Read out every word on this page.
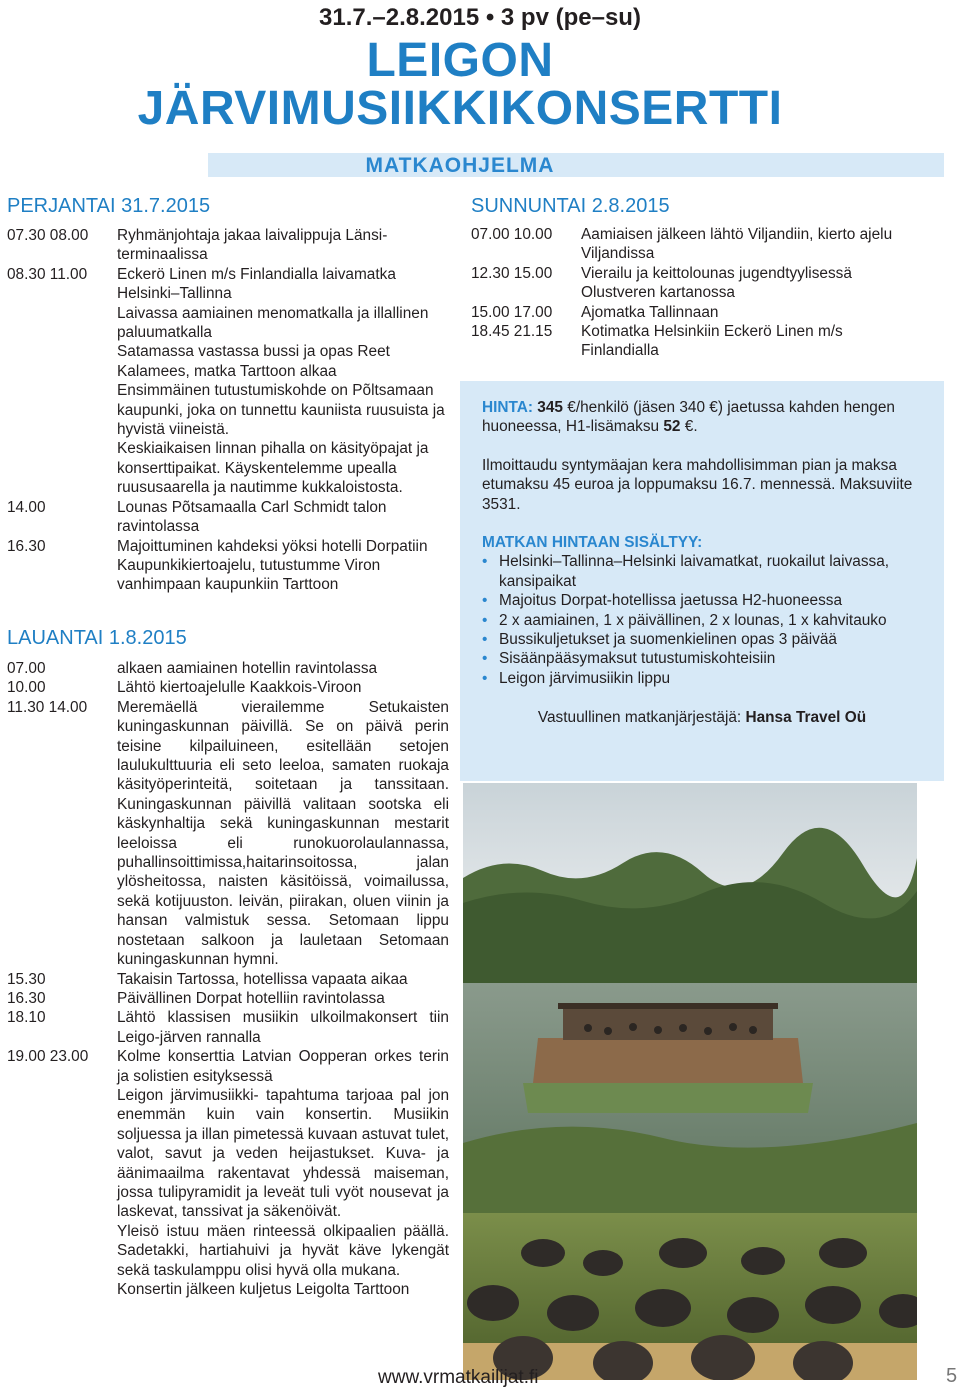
31.7.–2.8.2015 • 3 pv (pe–su)
LEIGON
JÄRVIMUSIIKKIKONSERTTI
MATKAOHJELMA
PERJANTAI 31.7.2015
07.30 08.00	Ryhmänjohtaja jakaa laivalippuja Länsi-terminaalissa
08.30 11.00	Eckerö Linen m/s Finlandialla laivamatka Helsinki–Tallinna
Laivassa aamiainen menomatkalla ja illallinen paluumatkalla
Satamassa vastassa bussi ja opas Reet Kalamees, matka Tarttoon alkaa
Ensimmäinen tutustumiskohde on Põltsamaan kaupunki, joka on tunnettu kauniista ruusuista ja hyvistä viineistä.
Keskiaikaisen linnan pihalla on käsityöpajat ja konserttipaikat. Käyskentelemme upealla ruususaarella ja nautimme kukkaloistosta.
14.00	Lounas Põtsamaalla Carl Schmidt talon ravintolassa
16.30	Majoittuminen kahdeksi yöksi hotelli Dorpatiin
Kaupunkikiertoajelu, tutustumme Viron vanhimpaan kaupunkiin Tarttoon
LAUANTAI 1.8.2015
07.00	alkaen aamiainen hotellin ravintolassa
10.00	Lähtö kiertoajelulle Kaakkois-Viroon
11.30 14.00	Meremäellä vierailemme Setukaisten kuningaskunnan päivillä. Se on päivä perin teisine kilpailuineen, esitellään setojen laulukulttuuria eli seto leeloa, samaten ruokaja käsityöperinteitä, soitetaan ja tanssitaan. Kuningaskunnan päivillä valitaan sootska eli käskynhaltija sekä kuningaskunnan mestarit leeloissa eli runokuorolaulannassa, puhallinsoittimissa,haitarinsoitossa, jalan ylösheitossa, naisten käsitöissä, voimailussa, sekä kotijuuston. leivän, piirakan, oluen viinin ja hansan valmistuk sessa. Setomaan lippu nostetaan salkoon ja lauletaan Setomaan kuningaskunnan hymni.
15.30	Takaisin Tartossa, hotellissa vapaata aikaa
16.30	Päivällinen Dorpat hotelliin ravintolassa
18.10	Lähtö klassisen musiikin ulkoilmakonsert tiin Leigo-järven rannalla
19.00 23.00	Kolme konserttia Latvian Oopperan orkes terin ja solistien esityksessä
Leigon järvimusiikki- tapahtuma tarjoaa pal jon enemmän kuin vain konsertin. Musiikin soljuessa ja illan pimetessä kuvaan astuvat tulet, valot, savut ja veden heijastukset. Kuva- ja äänimaailma rakentavat yhdessä maiseman, jossa tulipyramidit ja leveät tuli vyöt nousevat ja laskevat, tanssivat ja säkenöivät.
Yleisö istuu mäen rinteessä olkipaalien päällä. Sadetakki, hartiahuivi ja hyvät käve lykengät sekä taskulamppu olisi hyvä olla mukana.
Konsertin jälkeen kuljetus Leigolta Tarttoon
SUNNUNTAI 2.8.2015
07.00 10.00	Aamiaisen jälkeen lähtö Viljandiin, kierto ajelu Viljandissa
12.30 15.00	Vierailu ja keittolounas jugendtyylisessä Olustveren kartanossa
15.00 17.00	Ajomatka Tallinnaan
18.45 21.15	Kotimatka Helsinkiin Eckerö Linen m/s Finlandialla
HINTA: 345 €/henkilö (jäsen 340 €) jaetussa kahden hengen huoneessa, H1-lisämaksu 52 €.
Ilmoittaudu syntymäajan kera mahdollisimman pian ja maksa etumaksu 45 euroa ja loppumaksu 16.7. mennessä. Maksuviite 3531.
MATKAN HINTAAN SISÄLTYY:
• Helsinki–Tallinna–Helsinki laivamatkat, ruokailut laivassa, kansipaikat
• Majoitus Dorpat-hotellissa jaetussa H2-huoneessa
• 2 x aamiainen, 1 x päivällinen, 2 x lounas, 1 x kahvitauko
• Bussikuljetukset ja suomenkielinen opas 3 päivää
• Sisäänpääsymaksut tutustumiskohteisiin
• Leigon järvimusiikin lippu
Vastuullinen matkanjärjestäjä: Hansa Travel Oü
www.vrmatkailijat.fi	5
